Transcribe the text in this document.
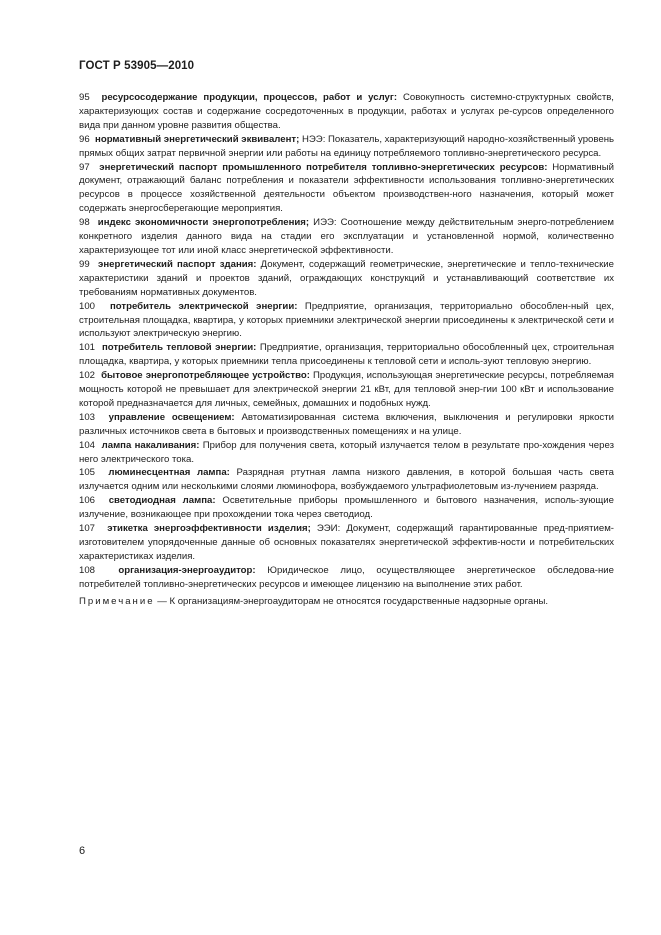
ГОСТ Р 53905—2010

95 ресурсосодержание продукции, процессов, работ и услуг: Совокупность системно-структурных свойств, характеризующих состав и содержание сосредоточенных в продукции, работах и услугах ре-сурсов определенного вида при данном уровне развития общества.

96 нормативный энергетический эквивалент; НЭЭ: Показатель, характеризующий народно-хозяйственный уровень прямых общих затрат первичной энергии или работы на единицу потребляемого топливно-энергетического ресурса.

97 энергетический паспорт промышленного потребителя топливно-энергетических ресурсов: Нормативный документ, отражающий баланс потребления и показатели эффективности использования топливно-энергетических ресурсов в процессе хозяйственной деятельности объектом производствен-ного назначения, который может содержать энергосберегающие мероприятия.

98 индекс экономичности энергопотребления; ИЭЭ: Соотношение между действительным энерго-потреблением конкретного изделия данного вида на стадии его эксплуатации и установленной нормой, количественно характеризующее тот или иной класс энергетической эффективности.

99 энергетический паспорт здания: Документ, содержащий геометрические, энергетические и тепло-технические характеристики зданий и проектов зданий, ограждающих конструкций и устанавливающий соответствие их требованиям нормативных документов.

100 потребитель электрической энергии: Предприятие, организация, территориально обособлен-ный цех, строительная площадка, квартира, у которых приемники электрической энергии присоединены к электрической сети и используют электрическую энергию.

101 потребитель тепловой энергии: Предприятие, организация, территориально обособленный цех, строительная площадка, квартира, у которых приемники тепла присоединены к тепловой сети и исполь-зуют тепловую энергию.

102 бытовое энергопотребляющее устройство: Продукция, использующая энергетические ресурсы, потребляемая мощность которой не превышает для электрической энергии 21 кВт, для тепловой энер-гии 100 кВт и использование которой предназначается для личных, семейных, домашних и подобных нужд.

103 управление освещением: Автоматизированная система включения, выключения и регулировки яркости различных источников света в бытовых и производственных помещениях и на улице.

104 лампа накаливания: Прибор для получения света, который излучается телом в результате про-хождения через него электрического тока.

105 люминесцентная лампа: Разрядная ртутная лампа низкого давления, в которой большая часть света излучается одним или несколькими слоями люминофора, возбуждаемого ультрафиолетовым из-лучением разряда.

106 светодиодная лампа: Осветительные приборы промышленного и бытового назначения, исполь-зующие излучение, возникающее при прохождении тока через светодиод.

107 этикетка энергоэффективности изделия; ЭЭИ: Документ, содержащий гарантированные пред-приятием-изготовителем упорядоченные данные об основных показателях энергетической эффектив-ности и потребительских характеристиках изделия.

108 организация-энергоаудитор: Юридическое лицо, осуществляющее энергетическое обследова-ние потребителей топливно-энергетических ресурсов и имеющее лицензию на выполнение этих работ.

Примечание — К организациям-энергоаудиторам не относятся государственные надзорные органы.

6
